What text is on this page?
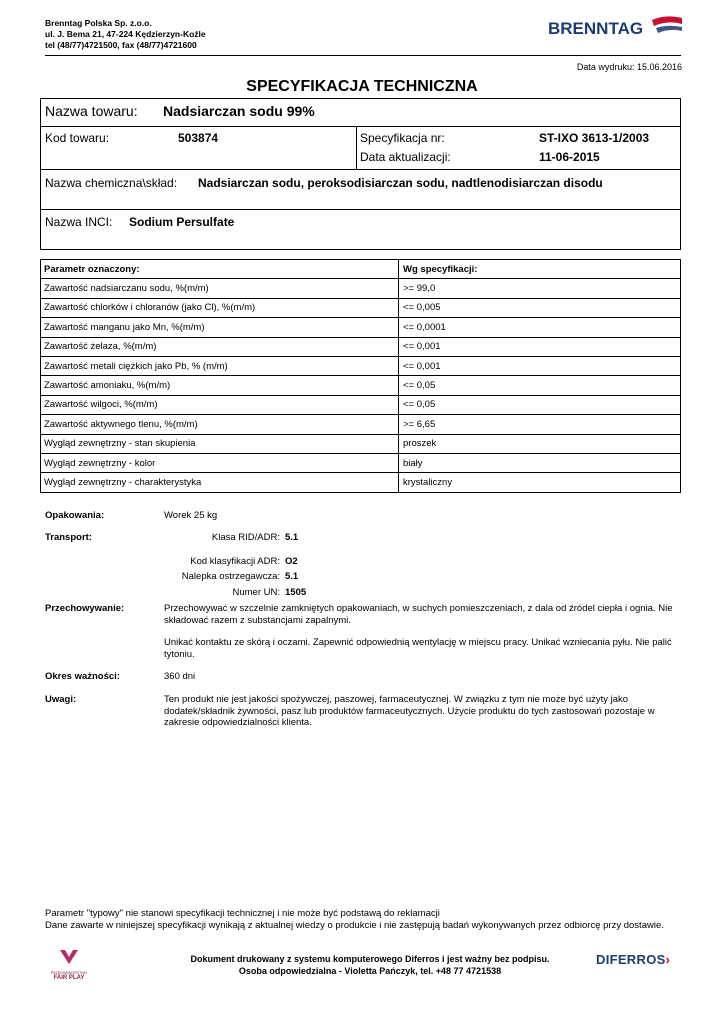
Brenntag Polska Sp. z.o.o.
ul. J. Bema 21, 47-224 Kędzierzyn-Koźle
tel (48/77)4721500, fax (48/77)4721600
BRENNTAG
Data wydruku: 15.06.2016
SPECYFIKACJA TECHNICZNA
Nazwa towaru: Nadsiarczan sodu 99%
Kod towaru:	503874	Specyfikacja nr:	ST-IXO 3613-1/2003
Data aktualizacji:	11-06-2015
Nazwa chemiczna\skład: Nadsiarczan sodu, peroksodisiarczan sodu, nadtlenodisiarczan disodu
Nazwa INCI: Sodium Persulfate
Parametr oznaczony:	Wg specyfikacji:
Zawartość nadsiarczanu sodu, %(m/m)	>= 99,0
Zawartość chlorków i chloranów (jako Cl), %(m/m)	<= 0,005
Zawartość manganu jako Mn, %(m/m)	<= 0,0001
Zawartość żelaza, %(m/m)	<= 0,001
Zawartość metali ciężkich jako Pb, % (m/m)	<= 0,001
Zawartość amoniaku, %(m/m)	<= 0,05
Zawartość wilgoci, %(m/m)	<= 0,05
Zawartość aktywnego tlenu, %(m/m)	>= 6,65
Wygląd zewnętrzny - stan skupienia	proszek
Wygląd zewnętrzny - kolor	biały
Wygląd zewnętrzny - charakterystyka	krystaliczny
Opakowania:	Worek 25 kg
Transport:	Klasa RID/ADR: 5.1
Kod klasyfikacji ADR: O2
Nalepka ostrzegawcza: 5.1
Numer UN: 1505
Przechowywanie:	Przechowywać w szczelnie zamkniętych opakowaniach, w suchych pomieszczeniach, z dala od źródel ciepła i ognia. Nie składować razem z substancjami zapalnymi.
Unikać kontaktu ze skórą i oczami. Zapewnić odpowiednią wentylację w miejscu pracy. Unikać wzniecania pyłu. Nie palić tytoniu.
Okres ważności:	360 dni
Uwagi:	Ten produkt nie jest jakości spożywczej, paszowej, farmaceutycznej. W związku z tym nie może być użyty jako dodatek/składnik żywności, pasz lub produktów farmaceutycznych. Użycie produktu do tych zastosowań pozostaje w zakresie odpowiedzialności klienta.
Parametr "typowy" nie stanowi specyfikacji technicznej i nie może być podstawą do reklamacji
Dane zawarte w niniejszej specyfikacji wynikają z aktualnej wiedzy o produkcie i nie zastępują badań wykonywanych przez odbiorcę przy dostawie.
PRZEDSIĘBIORSTWO
FAIR PLAY
Dokument drukowany z systemu komputerowego Diferros i jest ważny bez podpisu.
Osoba odpowiedzialna - Violetta Pańczyk, tel. +48 77 4721538
DIFERROS›
